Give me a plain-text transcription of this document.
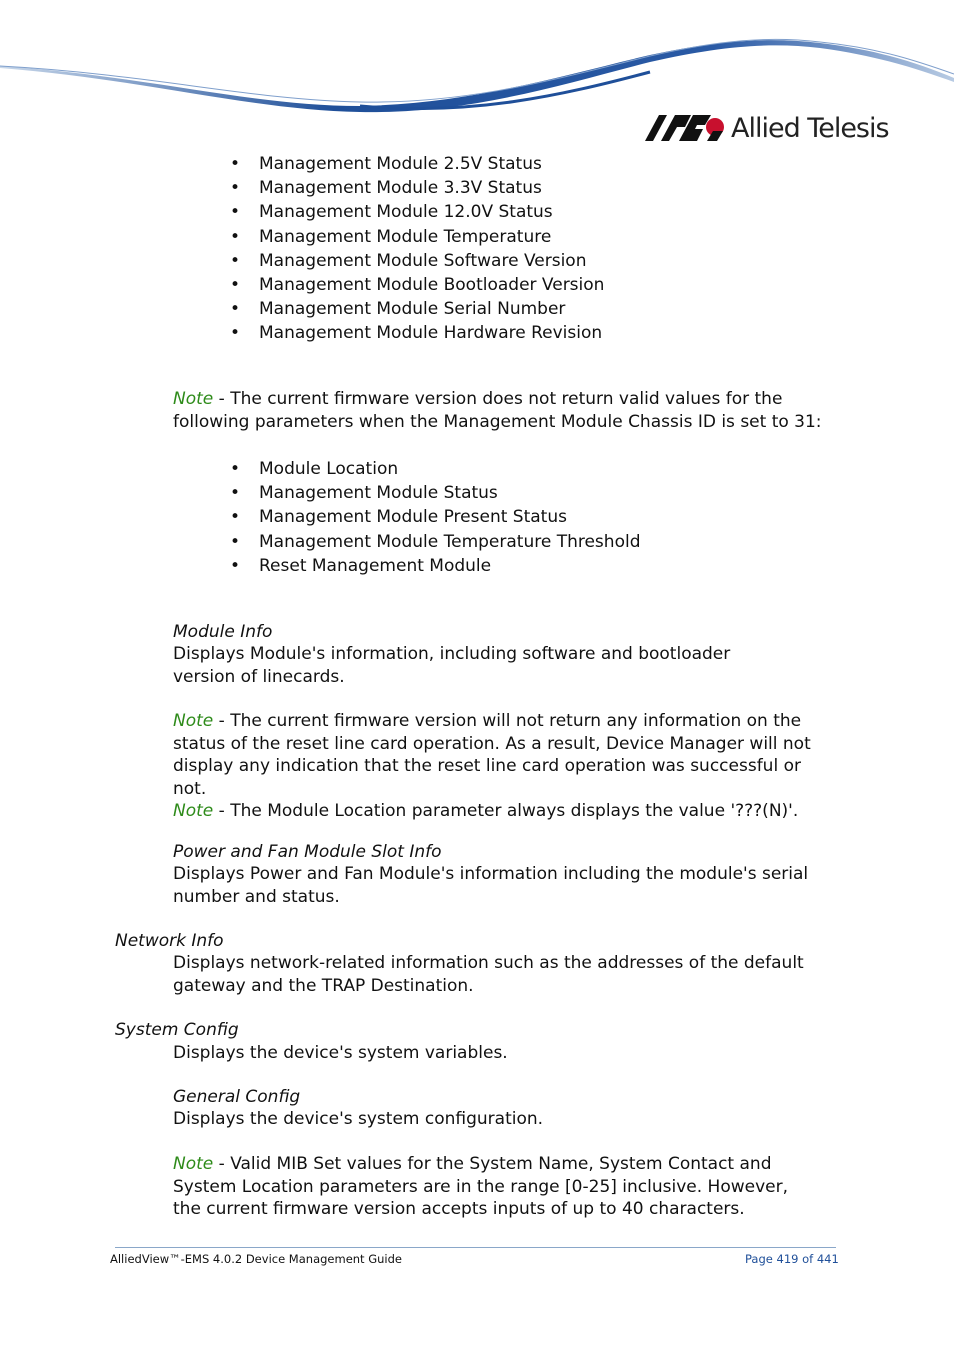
Allied Telesis
• Management Module 2.5V Status
• Management Module 3.3V Status
• Management Module 12.0V Status
• Management Module Temperature
• Management Module Software Version
• Management Module Bootloader Version
• Management Module Serial Number
• Management Module Hardware Revision
Note - The current firmware version does not return valid values for the following parameters when the Management Module Chassis ID is set to 31:
• Module Location
• Management Module Status
• Management Module Present Status
• Management Module Temperature Threshold
• Reset Management Module
Module Info
Displays Module's information, including software and bootloader version of linecards.
Note - The current firmware version will not return any information on the status of the reset line card operation. As a result, Device Manager will not display any indication that the reset line card operation was successful or not.
Note - The Module Location parameter always displays the value '???(N)'.
Power and Fan Module Slot Info
Displays Power and Fan Module's information including the module's serial number and status.
Network Info
Displays network-related information such as the addresses of the default gateway and the TRAP Destination.
System Config
Displays the device's system variables.
General Config
Displays the device's system configuration.
Note - Valid MIB Set values for the System Name, System Contact and System Location parameters are in the range [0-25] inclusive. However, the current firmware version accepts inputs of up to 40 characters.
AlliedView™-EMS 4.0.2 Device Management Guide	Page 419 of 441
